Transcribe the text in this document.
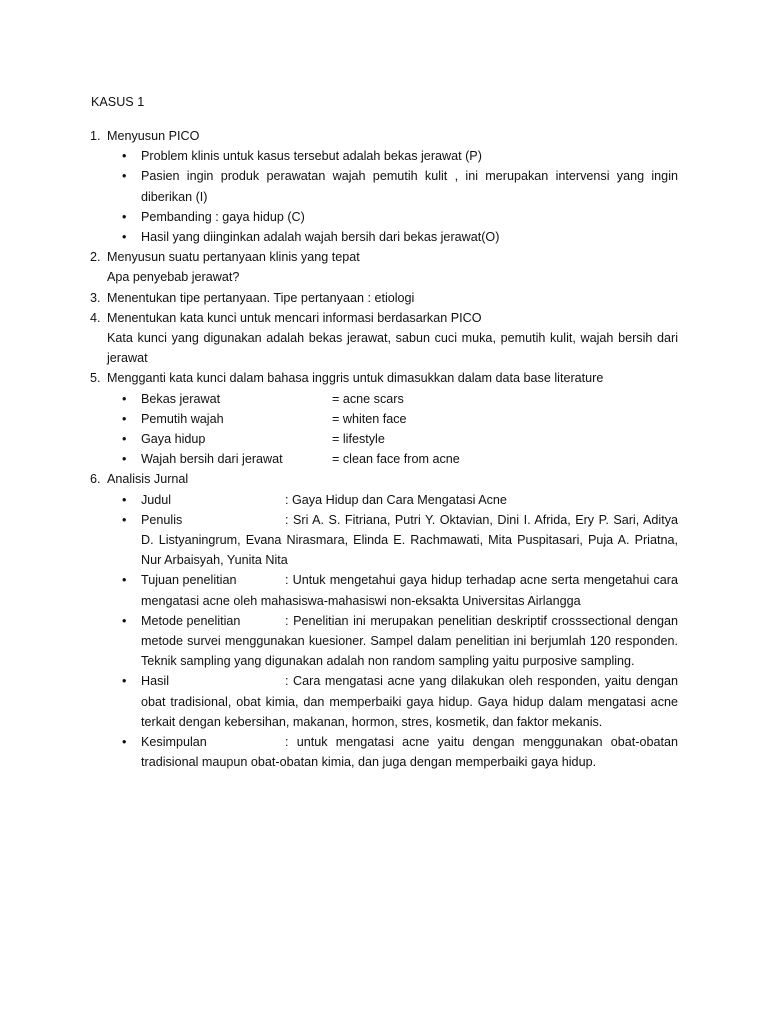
KASUS 1
1. Menyusun PICO
• Problem klinis untuk kasus tersebut adalah bekas jerawat (P)
• Pasien ingin produk perawatan wajah pemutih kulit , ini merupakan intervensi yang ingin diberikan (I)
• Pembanding : gaya hidup (C)
• Hasil yang diinginkan adalah wajah bersih dari bekas jerawat(O)
2. Menyusun suatu pertanyaan klinis yang tepat
Apa penyebab jerawat?
3. Menentukan tipe pertanyaan. Tipe pertanyaan : etiologi
4. Menentukan kata kunci untuk mencari informasi berdasarkan PICO
Kata kunci yang digunakan adalah bekas jerawat, sabun cuci muka, pemutih kulit, wajah bersih dari jerawat
5. Mengganti kata kunci dalam bahasa inggris untuk dimasukkan dalam data base literature
• Bekas jerawat	= acne scars
• Pemutih wajah	= whiten face
• Gaya hidup	= lifestyle
• Wajah bersih dari jerawat	= clean face from acne
6. Analisis Jurnal
• Judul	: Gaya Hidup dan Cara Mengatasi Acne
• Penulis	: Sri A. S. Fitriana, Putri Y. Oktavian, Dini I. Afrida, Ery P. Sari, Aditya D. Listyaningrum, Evana Nirasmara, Elinda E. Rachmawati, Mita Puspitasari, Puja A. Priatna, Nur Arbaisyah, Yunita Nita
• Tujuan penelitian	: Untuk mengetahui gaya hidup terhadap acne serta mengetahui cara mengatasi acne oleh mahasiswa-mahasiswi non-eksakta Universitas Airlangga
• Metode penelitian	: Penelitian ini merupakan penelitian deskriptif crosssectional dengan metode survei menggunakan kuesioner. Sampel dalam penelitian ini berjumlah 120 responden. Teknik sampling yang digunakan adalah non random sampling yaitu purposive sampling.
• Hasil	: Cara mengatasi acne yang dilakukan oleh responden, yaitu dengan obat tradisional, obat kimia, dan memperbaiki gaya hidup. Gaya hidup dalam mengatasi acne terkait dengan kebersihan, makanan, hormon, stres, kosmetik, dan faktor mekanis.
• Kesimpulan	: untuk mengatasi acne yaitu dengan menggunakan obat-obatan tradisional maupun obat-obatan kimia, dan juga dengan memperbaiki gaya hidup.
